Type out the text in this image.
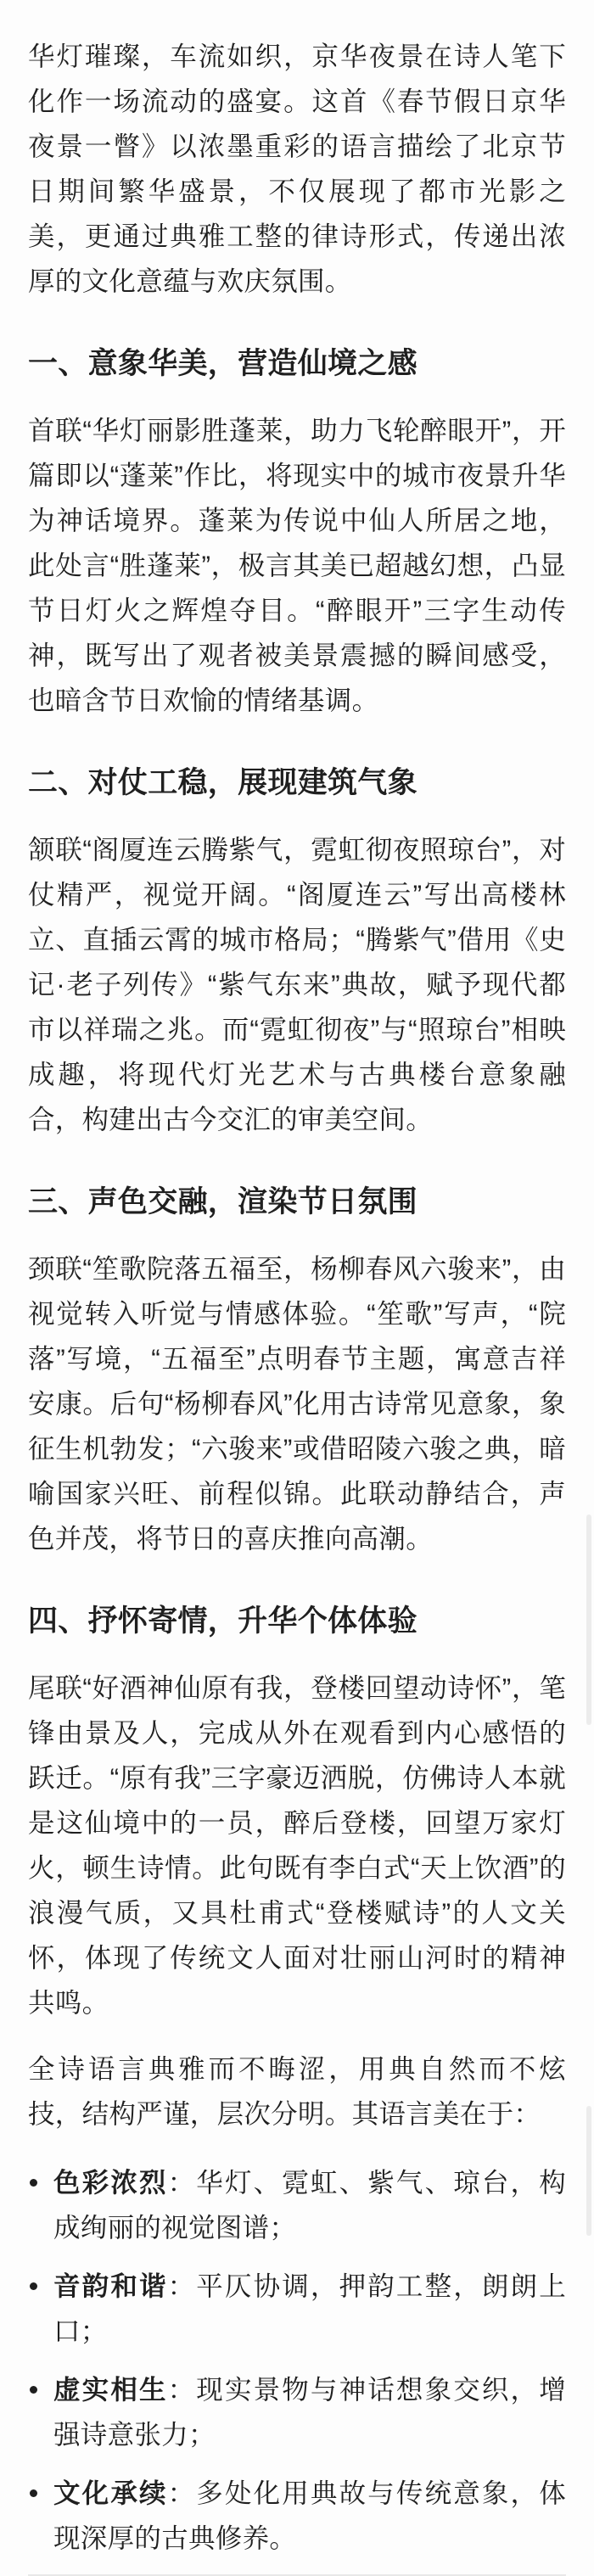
华灯璀璨，车流如织，京华夜景在诗人笔下化作一场流动的盛宴。这首《春节假日京华夜景一瞥》以浓墨重彩的语言描绘了北京节日期间繁华盛景，不仅展现了都市光影之美，更通过典雅工整的律诗形式，传递出浓厚的文化意蕴与欢庆氛围。

一、意象华美，营造仙境之感

首联“华灯丽影胜蓬莱，助力飞轮醉眼开”，开篇即以“蓬莱”作比，将现实中的城市夜景升华为神话境界。蓬莱为传说中仙人所居之地，此处言“胜蓬莱”，极言其美已超越幻想，凸显节日灯火之辉煌夺目。“醉眼开”三字生动传神，既写出了观者被美景震撼的瞬间感受，也暗含节日欢愉的情绪基调。

二、对仗工稳，展现建筑气象

颔联“阁厦连云腾紫气，霓虹彻夜照琼台”，对仗精严，视觉开阔。“阁厦连云”写出高楼林立、直插云霄的城市格局；“腾紫气”借用《史记·老子列传》“紫气东来”典故，赋予现代都市以祥瑞之兆。而“霓虹彻夜”与“照琼台”相映成趣，将现代灯光艺术与古典楼台意象融合，构建出古今交汇的审美空间。

三、声色交融，渲染节日氛围

颈联“笙歌院落五福至，杨柳春风六骏来”，由视觉转入听觉与情感体验。“笙歌”写声，“院落”写境，“五福至”点明春节主题，寓意吉祥安康。后句“杨柳春风”化用古诗常见意象，象征生机勃发；“六骏来”或借昭陵六骏之典，暗喻国家兴旺、前程似锦。此联动静结合，声色并茂，将节日的喜庆推向高潮。

四、抒怀寄情，升华个体体验

尾联“好酒神仙原有我，登楼回望动诗怀”，笔锋由景及人，完成从外在观看到内心感悟的跃迁。“原有我”三字豪迈洒脱，仿佛诗人本就是这仙境中的一员，醉后登楼，回望万家灯火，顿生诗情。此句既有李白式“天上饮酒”的浪漫气质，又具杜甫式“登楼赋诗”的人文关怀，体现了传统文人面对壮丽山河时的精神共鸣。

全诗语言典雅而不晦涩，用典自然而不炫技，结构严谨，层次分明。其语言美在于：

色彩浓烈：华灯、霓虹、紫气、琼台，构成绚丽的视觉图谱；
音韵和谐：平仄协调，押韵工整，朗朗上口；
虚实相生：现实景物与神话想象交织，增强诗意张力；
文化承续：多处化用典故与传统意象，体现深厚的古典修养。
